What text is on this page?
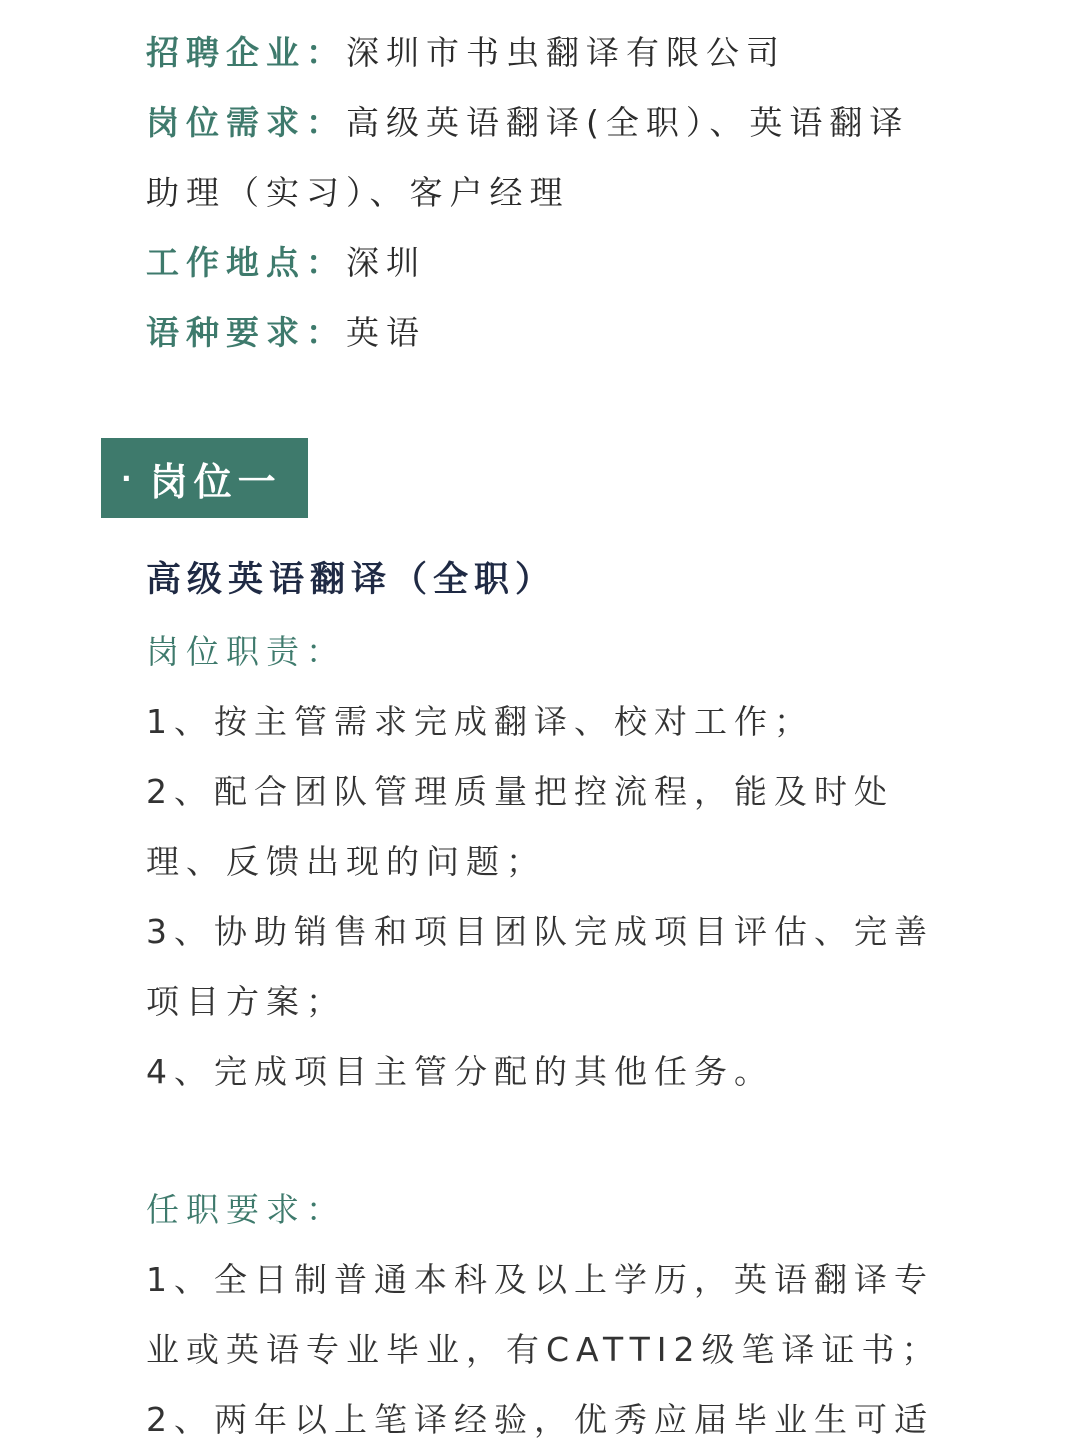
招聘企业：深圳市书虫翻译有限公司
岗位需求：高级英语翻译(全职）、英语翻译
助理（实习）、客户经理
工作地点：深圳
语种要求：英语
· 岗位一
高级英语翻译（全职）
岗位职责：
1、按主管需求完成翻译、校对工作；
2、配合团队管理质量把控流程，能及时处
理、反馈出现的问题；
3、协助销售和项目团队完成项目评估、完善
项目方案；
4、完成项目主管分配的其他任务。
任职要求：
1、全日制普通本科及以上学历，英语翻译专
业或英语专业毕业，有CATTI2级笔译证书；
2、两年以上笔译经验，优秀应届毕业生可适
